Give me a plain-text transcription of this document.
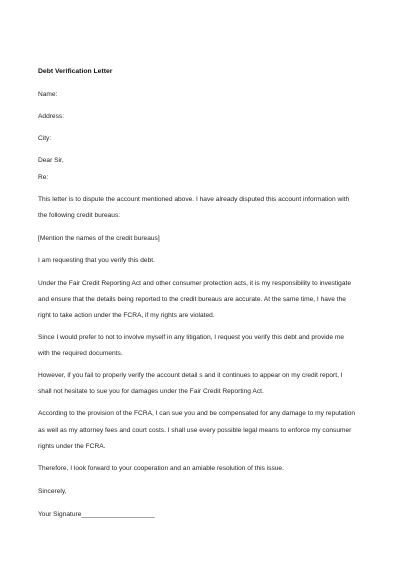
Debt Verification Letter
Name:
Address:
City:
Dear Sir,
Re:
This letter is to dispute the account mentioned above. I have already disputed this account information with
the following credit bureaus:
[Mention the names of the credit bureaus]
I am requesting that you verify this debt.
Under the Fair Credit Reporting Act and other consumer protection acts, it is my responsibility to investigate
and ensure that the details being reported to the credit bureaus are accurate. At the same time, I have the
right to take action under the FCRA, if my rights are violated.
Since I would prefer to not to involve myself in any litigation, I request you verify this debt and provide me
with the required documents.
However, if you fail to properly verify the account detail s and it continues to appear on my credit report, I
shall not hesitate to sue you for damages under the Fair Credit Reporting Act.
According to the provision of the FCRA, I can sue you and be compensated for any damage to my reputation
as well as my attorney fees and court costs. I shall use every possible legal means to enforce my consumer
rights under the FCRA.
Therefore, I look forward to your cooperation and an amiable resolution of this issue.
Sincerely,
Your Signature____________________
